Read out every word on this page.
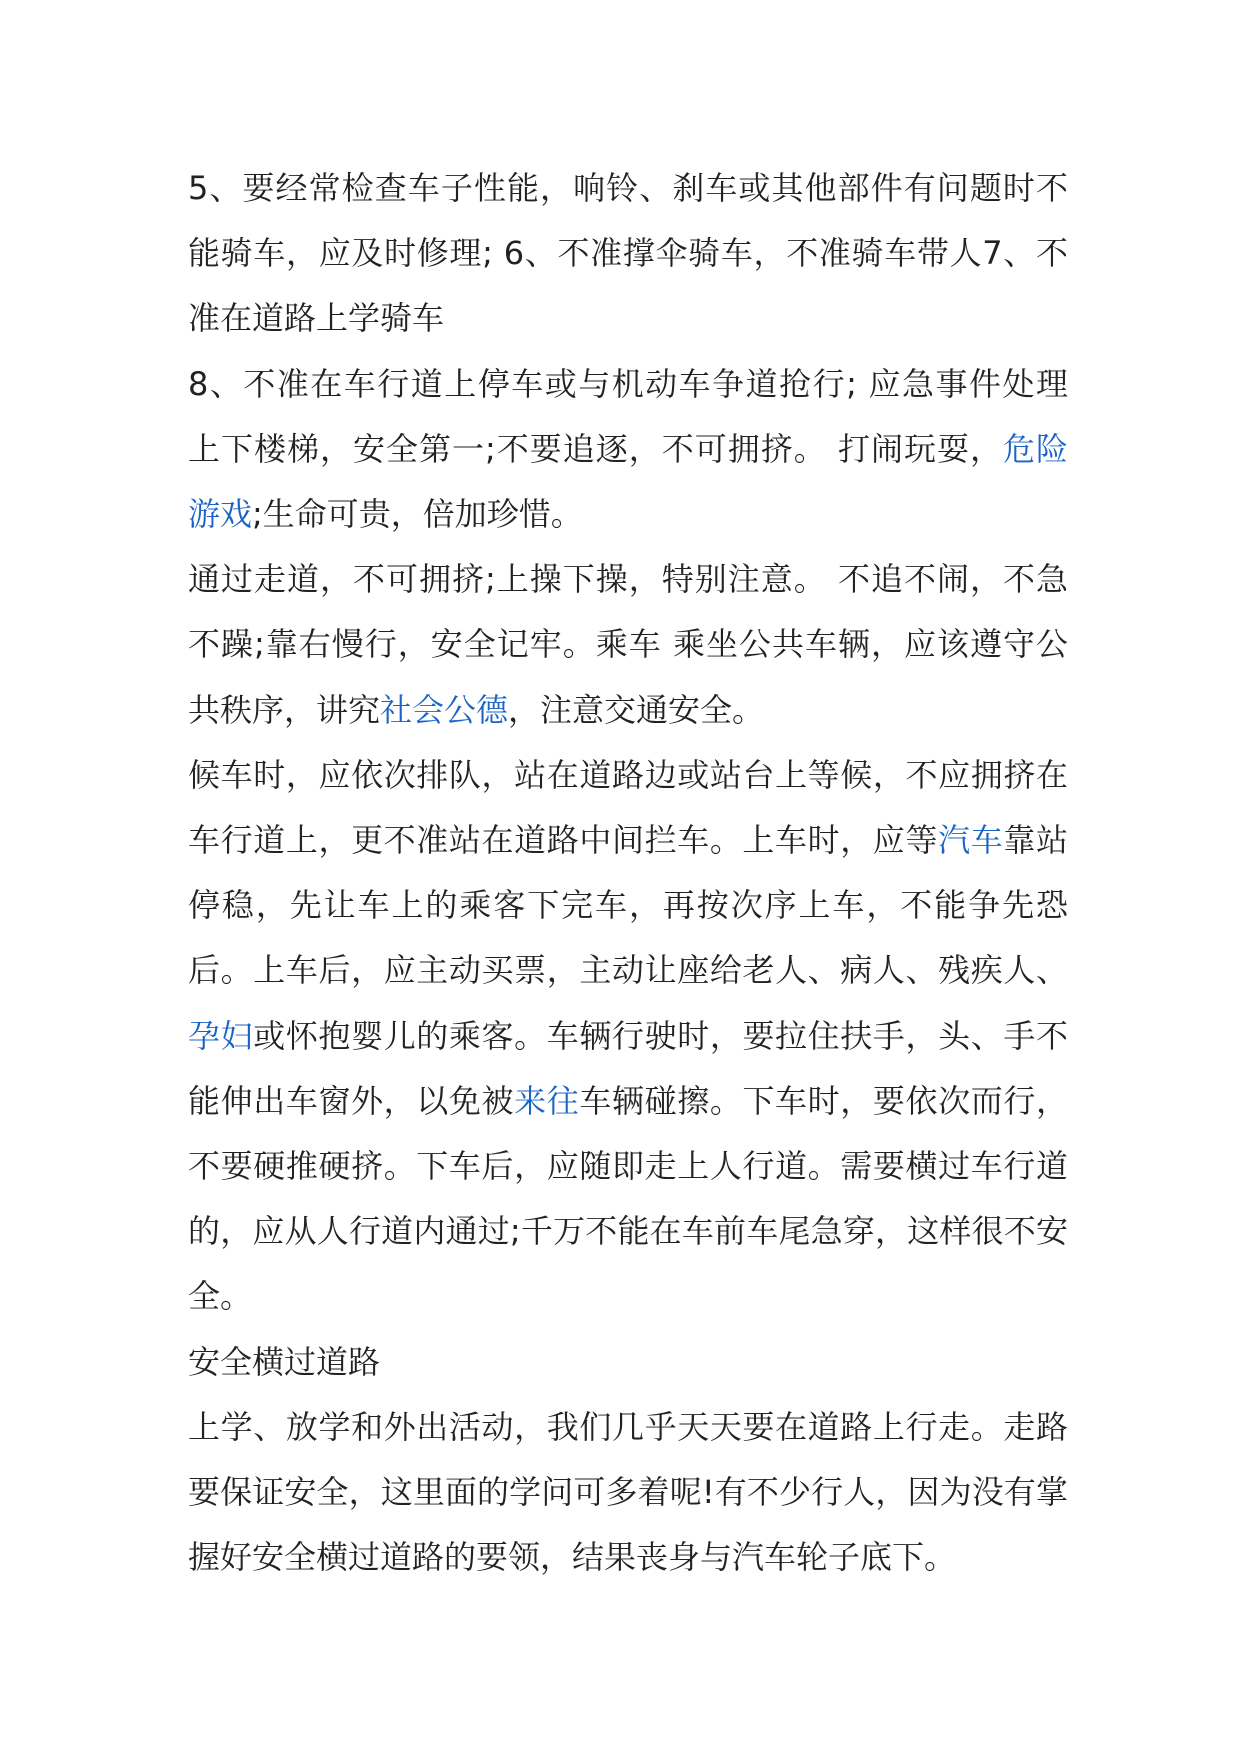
5、要经常检查车子性能，响铃、刹车或其他部件有问题时不能骑车，应及时修理; 6、不准撑伞骑车，不准骑车带人7、不准在道路上学骑车

8、不准在车行道上停车或与机动车争道抢行; 应急事件处理 上下楼梯，安全第一;不要追逐，不可拥挤。 打闹玩耍，危险游戏;生命可贵，倍加珍惜。

通过走道，不可拥挤;上操下操，特别注意。 不追不闹，不急不躁;靠右慢行，安全记牢。乘车 乘坐公共车辆，应该遵守公共秩序，讲究社会公德，注意交通安全。

候车时，应依次排队，站在道路边或站台上等候，不应拥挤在车行道上，更不准站在道路中间拦车。上车时，应等汽车靠站停稳，先让车上的乘客下完车，再按次序上车，不能争先恐后。上车后，应主动买票，主动让座给老人、病人、残疾人、孕妇或怀抱婴儿的乘客。车辆行驶时，要拉住扶手，头、手不能伸出车窗外，以免被来往车辆碰擦。下车时，要依次而行，不要硬推硬挤。下车后，应随即走上人行道。需要横过车行道的，应从人行道内通过;千万不能在车前车尾急穿，这样很不安全。

安全横过道路

上学、放学和外出活动，我们几乎天天要在道路上行走。走路要保证安全，这里面的学问可多着呢!有不少行人，因为没有掌握好安全横过道路的要领，结果丧身与汽车轮子底下。
